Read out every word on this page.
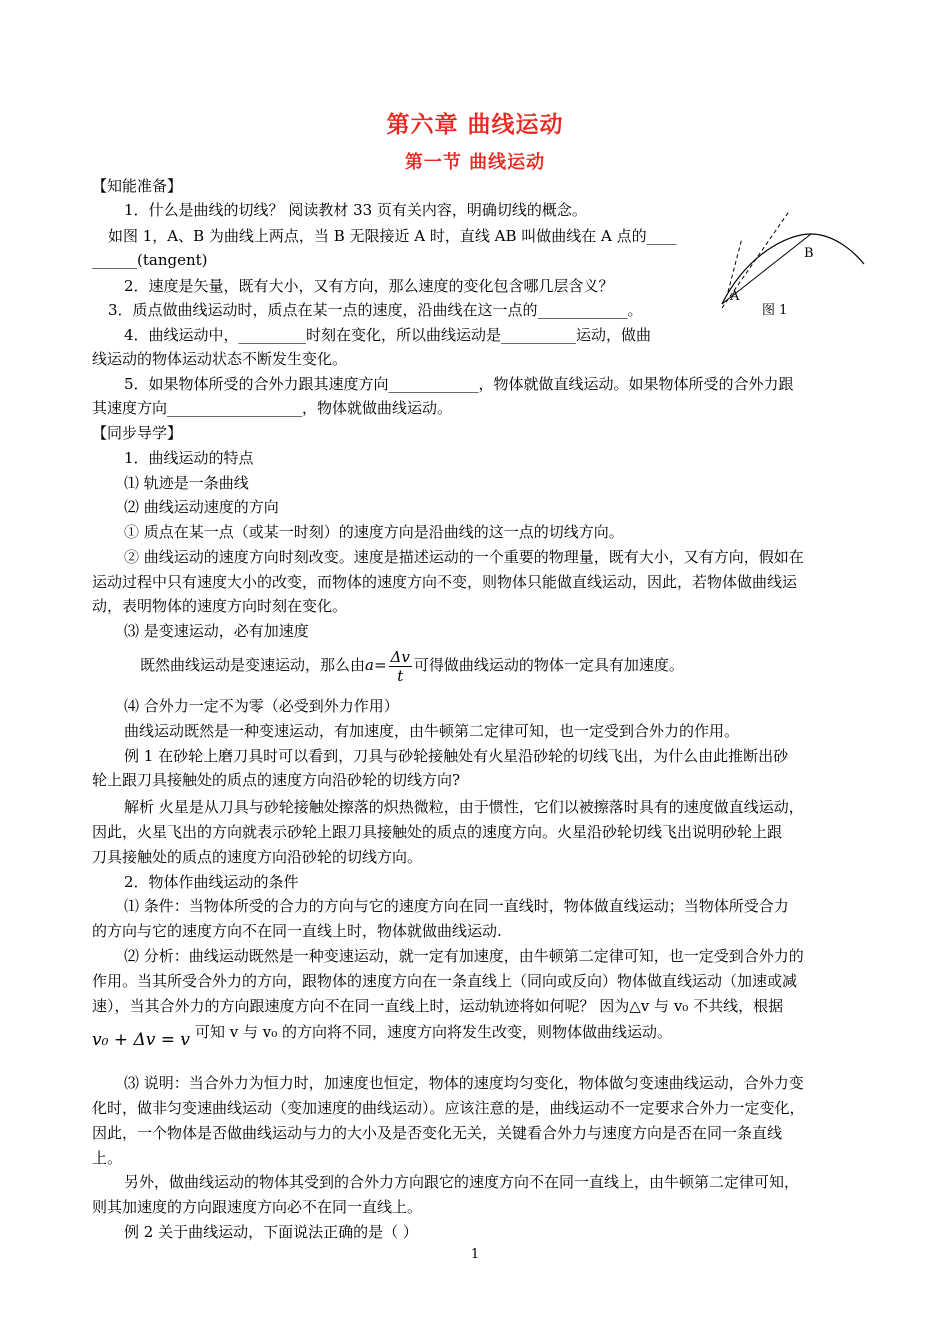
第六章 曲线运动
第一节 曲线运动
【知能准备】
1．什么是曲线的切线？ 阅读教材 33 页有关内容，明确切线的概念。
如图 1，A、B 为曲线上两点，当 B 无限接近 A 时，直线 AB 叫做曲线在 A 点的____
______(tangent)
2．速度是矢量，既有大小，又有方向，那么速度的变化包含哪几层含义？
3．质点做曲线运动时，质点在某一点的速度，沿曲线在这一点的____________。
4．曲线运动中，_________时刻在变化，所以曲线运动是__________运动，做曲
线运动的物体运动状态不断发生变化。
5．如果物体所受的合外力跟其速度方向____________，物体就做直线运动。如果物体所受的合外力跟
其速度方向__________________，物体就做曲线运动。
A
B
图 1
【同步导学】
1．曲线运动的特点
⑴ 轨迹是一条曲线
⑵ 曲线运动速度的方向
① 质点在某一点（或某一时刻）的速度方向是沿曲线的这一点的切线方向。
② 曲线运动的速度方向时刻改变。速度是描述运动的一个重要的物理量，既有大小，又有方向，假如在
运动过程中只有速度大小的改变，而物体的速度方向不变，则物体只能做直线运动，因此，若物体做曲线运
动，表明物体的速度方向时刻在变化。
⑶ 是变速运动，必有加速度
既然曲线运动是变速运动，那么由$a= \frac{\Delta v}{t}$ 可得做曲线运动的物体一定具有加速度。
⑷ 合外力一定不为零（必受到外力作用）
曲线运动既然是一种变速运动，有加速度，由牛顿第二定律可知，也一定受到合外力的作用。
例 1 在砂轮上磨刀具时可以看到，刀具与砂轮接触处有火星沿砂轮的切线飞出，为什么由此推断出砂
轮上跟刀具接触处的质点的速度方向沿砂轮的切线方向?
解析 火星是从刀具与砂轮接触处擦落的炽热微粒，由于惯性，它们以被擦落时具有的速度做直线运动，
因此，火星飞出的方向就表示砂轮上跟刀具接触处的质点的速度方向。火星沿砂轮切线飞出说明砂轮上跟
刀具接触处的质点的速度方向沿砂轮的切线方向。
2．物体作曲线运动的条件
⑴ 条件：当物体所受的合力的方向与它的速度方向在同一直线时，物体做直线运动；当物体所受合力
的方向与它的速度方向不在同一直线上时，物体就做曲线运动.
⑵ 分析：曲线运动既然是一种变速运动，就一定有加速度，由牛顿第二定律可知，也一定受到合外力的
作用。当其所受合外力的方向，跟物体的速度方向在一条直线上（同向或反向）物体做直线运动（加速或减
速），当其合外力的方向跟速度方向不在同一直线上时，运动轨迹将如何呢？ 因为△v 与 v₀ 不共线，根据
v₀ + Δv = v
，可知 v 与 v₀ 的方向将不同，速度方向将发生改变，则物体做曲线运动。
⑶ 说明：当合外力为恒力时，加速度也恒定，物体的速度均匀变化，物体做匀变速曲线运动，合外力变
化时，做非匀变速曲线运动（变加速度的曲线运动）。应该注意的是，曲线运动不一定要求合外力一定变化，
因此，一个物体是否做曲线运动与力的大小及是否变化无关，关键看合外力与速度方向是否在同一条直线
上。
另外，做曲线运动的物体其受到的合外力方向跟它的速度方向不在同一直线上，由牛顿第二定律可知，
则其加速度的方向跟速度方向必不在同一直线上。
例 2 关于曲线运动，下面说法正确的是（ ）
1
